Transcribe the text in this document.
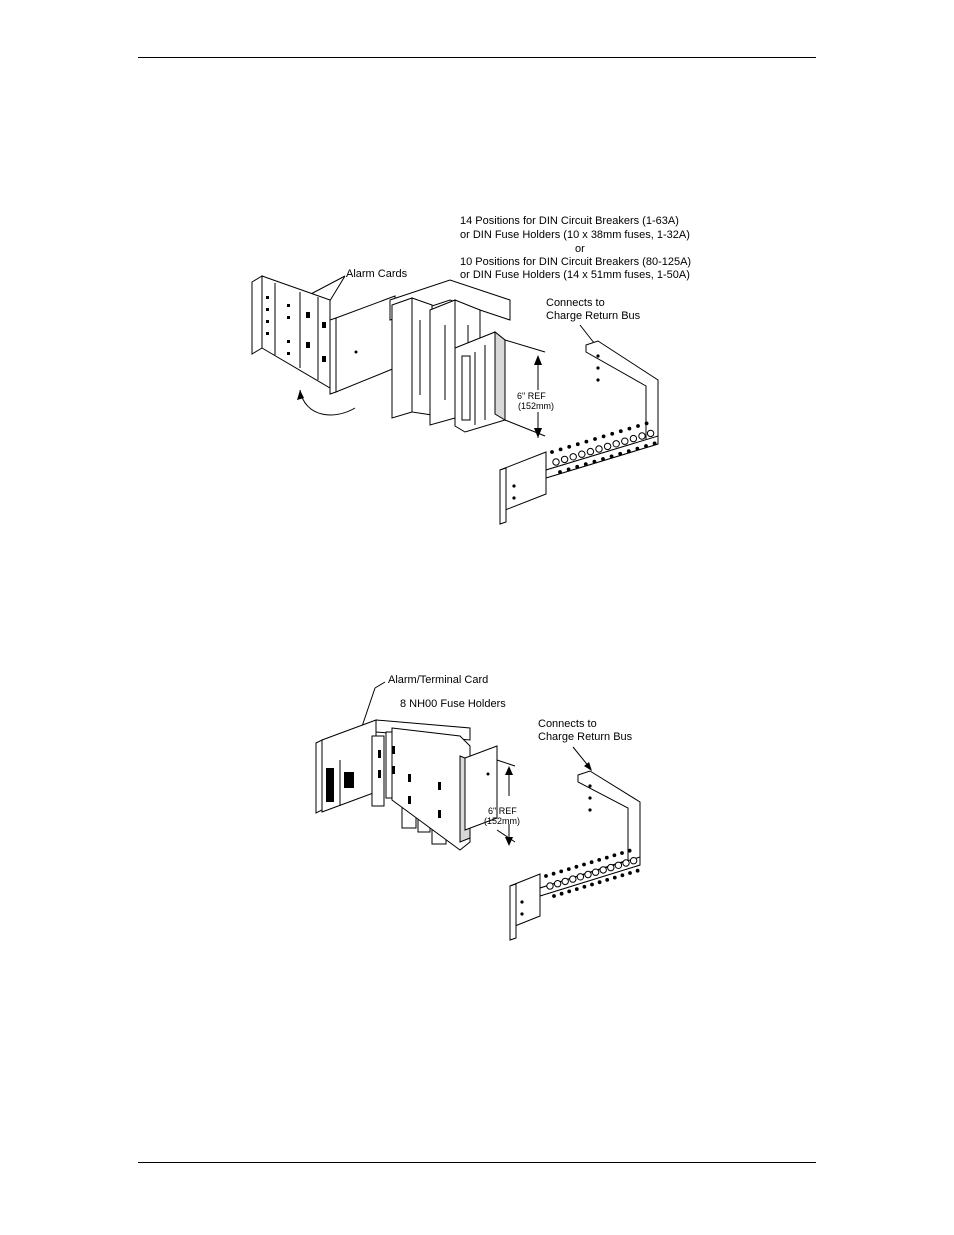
Alarm Cards
14 Positions for DIN Circuit Breakers (1-63A)
or DIN Fuse Holders (10 x 38mm fuses, 1-32A)
or
10 Positions for DIN Circuit Breakers (80-125A)
or DIN Fuse Holders (14 x 51mm fuses, 1-50A)
Connects to
Charge Return Bus
6" REF
(152mm)
Alarm/Terminal Card
8 NH00 Fuse Holders
Connects to
Charge Return Bus
6" REF
(152mm)
